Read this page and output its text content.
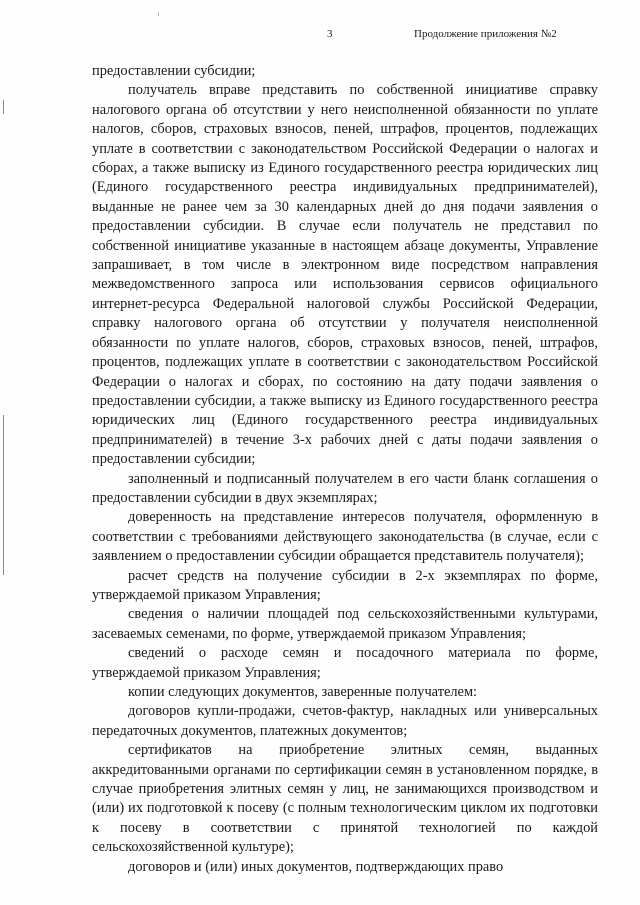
3	Продолжение приложения №2

предоставлении субсидии;

получатель вправе представить по собственной инициативе справку налогового органа об отсутствии у него неисполненной обязанности по уплате налогов, сборов, страховых взносов, пеней, штрафов, процентов, подлежащих уплате в соответствии с законодательством Российской Федерации о налогах и сборах, а также выписку из Единого государственного реестра юридических лиц (Единого государственного реестра индивидуальных предпринимателей), выданные не ранее чем за 30 календарных дней до дня подачи заявления о предоставлении субсидии. В случае если получатель не представил по собственной инициативе указанные в настоящем абзаце документы, Управление запрашивает, в том числе в электронном виде посредством направления межведомственного запроса или использования сервисов официального интернет-ресурса Федеральной налоговой службы Российской Федерации, справку налогового органа об отсутствии у получателя неисполненной обязанности по уплате налогов, сборов, страховых взносов, пеней, штрафов, процентов, подлежащих уплате в соответствии с законодательством Российской Федерации о налогах и сборах, по состоянию на дату подачи заявления о предоставлении субсидии, а также выписку из Единого государственного реестра юридических лиц (Единого государственного реестра индивидуальных предпринимателей) в течение 3-х рабочих дней с даты подачи заявления о предоставлении субсидии;

заполненный и подписанный получателем в его части бланк соглашения о предоставлении субсидии в двух экземплярах;

доверенность на представление интересов получателя, оформленную в соответствии с требованиями действующего законодательства (в случае, если с заявлением о предоставлении субсидии обращается представитель получателя);

расчет средств на получение субсидии в 2-х экземплярах по форме, утверждаемой приказом Управления;

сведения о наличии площадей под сельскохозяйственными культурами, засеваемых семенами, по форме, утверждаемой приказом Управления;

сведений о расходе семян и посадочного материала по форме, утверждаемой приказом Управления;

копии следующих документов, заверенные получателем:

договоров купли-продажи, счетов-фактур, накладных или универсальных передаточных документов, платежных документов;

сертификатов на приобретение элитных семян, выданных аккредитованными органами по сертификации семян в установленном порядке, в случае приобретения элитных семян у лиц, не занимающихся производством и (или) их подготовкой к посеву (с полным технологическим циклом их подготовки к посеву в соответствии с принятой технологией по каждой сельскохозяйственной культуре);

договоров и (или) иных документов, подтверждающих право
